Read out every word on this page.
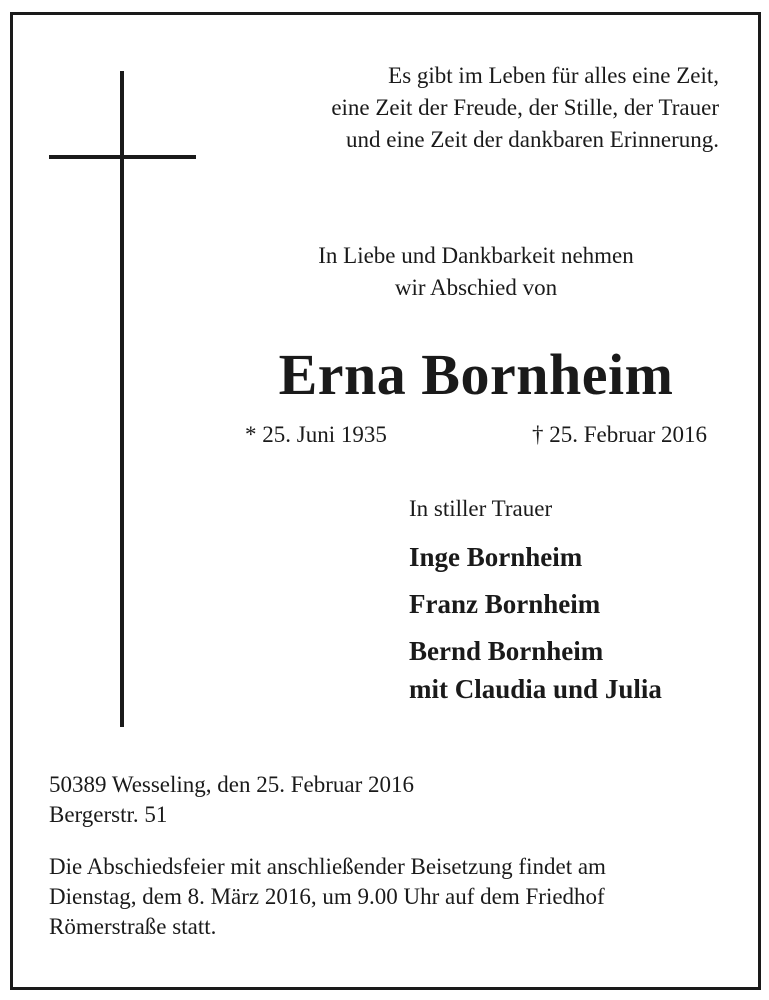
Es gibt im Leben für alles eine Zeit,
eine Zeit der Freude, der Stille, der Trauer
und eine Zeit der dankbaren Erinnerung.
In Liebe und Dankbarkeit nehmen
wir Abschied von
Erna Bornheim
* 25. Juni 1935	† 25. Februar 2016
In stiller Trauer
Inge Bornheim
Franz Bornheim
Bernd Bornheim
mit Claudia und Julia
50389 Wesseling, den 25. Februar 2016
Bergerstr. 51
Die Abschiedsfeier mit anschließender Beisetzung findet am
Dienstag, dem 8. März 2016, um 9.00 Uhr auf dem Friedhof
Römerstraße statt.
